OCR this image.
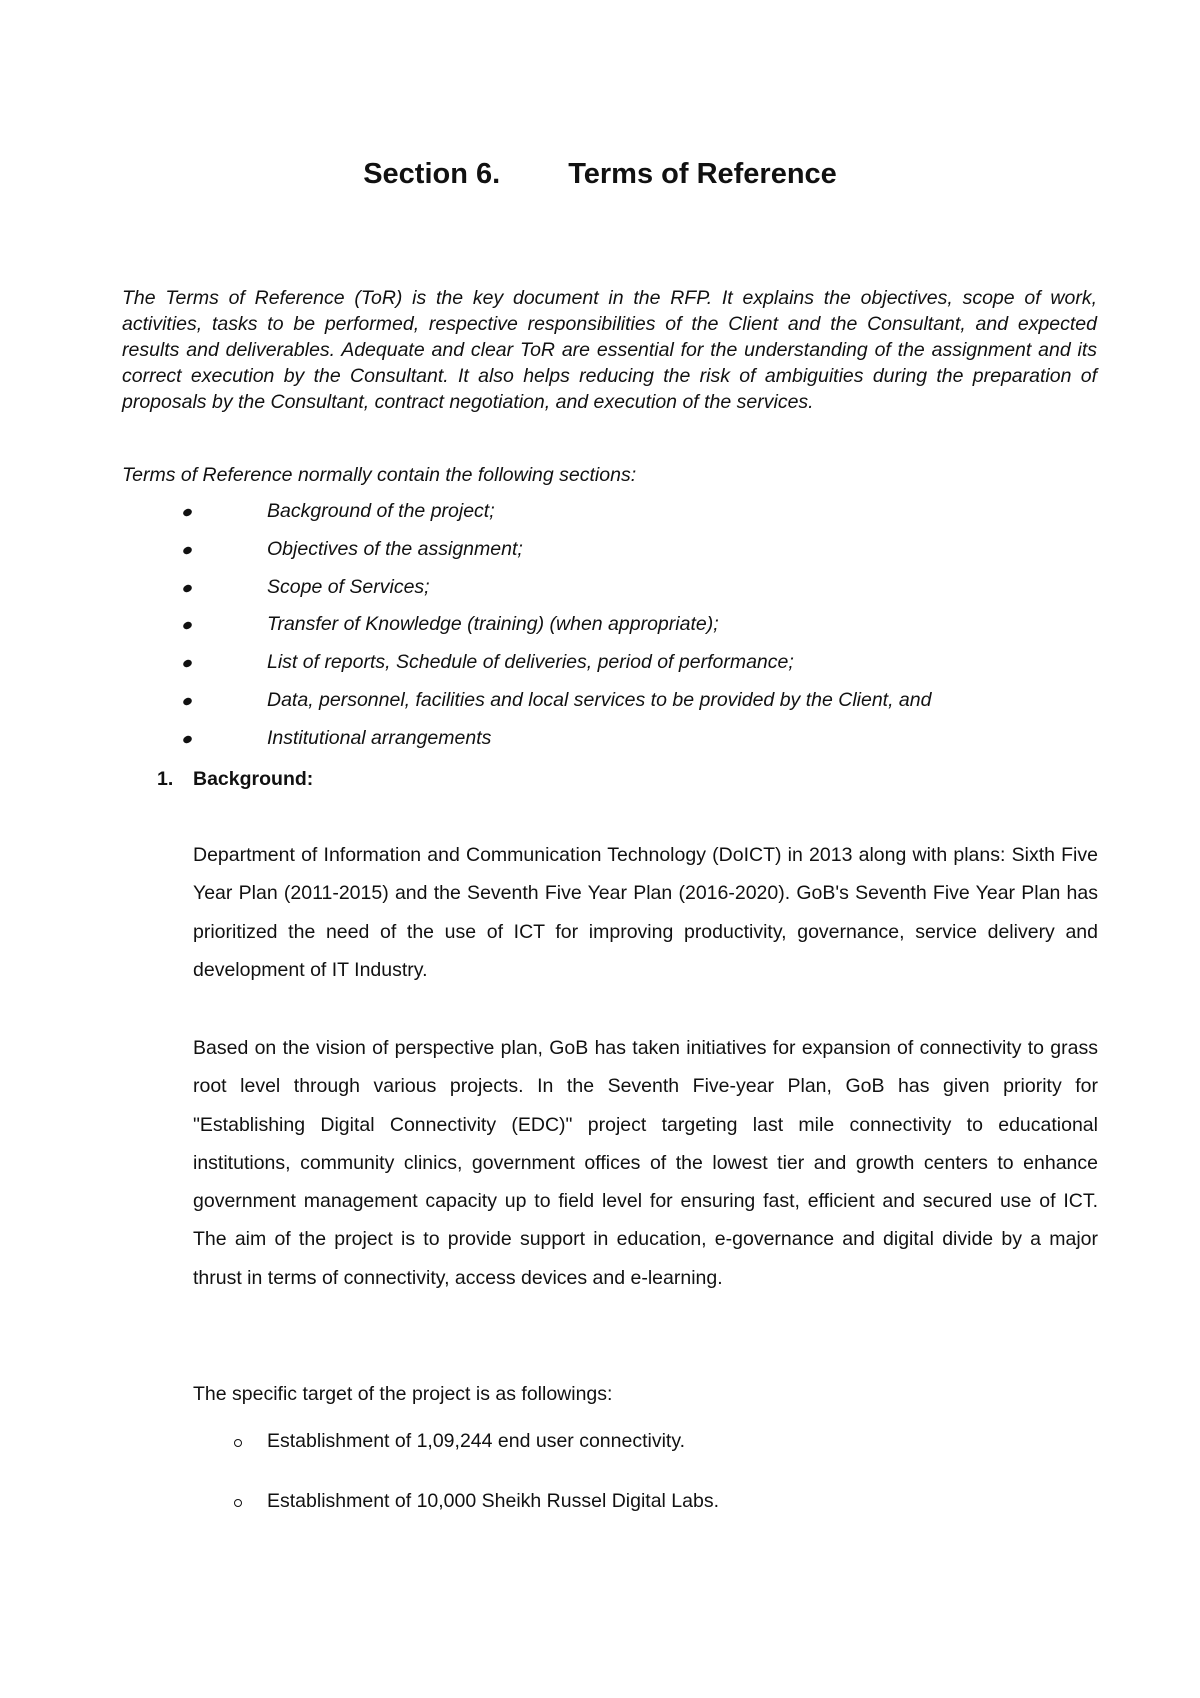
Section 6. Terms of Reference

The Terms of Reference (ToR) is the key document in the RFP. It explains the objectives, scope of work, activities, tasks to be performed, respective responsibilities of the Client and the Consultant, and expected results and deliverables. Adequate and clear ToR are essential for the understanding of the assignment and its correct execution by the Consultant. It also helps reducing the risk of ambiguities during the preparation of proposals by the Consultant, contract negotiation, and execution of the services.

Terms of Reference normally contain the following sections:

Background of the project;
Objectives of the assignment;
Scope of Services;
Transfer of Knowledge (training) (when appropriate);
List of reports, Schedule of deliveries, period of performance;
Data, personnel, facilities and local services to be provided by the Client, and
Institutional arrangements
1. Background:

Department of Information and Communication Technology (DoICT) in 2013 along with plans: Sixth Five Year Plan (2011-2015) and the Seventh Five Year Plan (2016-2020). GoB's Seventh Five Year Plan has prioritized the need of the use of ICT for improving productivity, governance, service delivery and development of IT Industry.

Based on the vision of perspective plan, GoB has taken initiatives for expansion of connectivity to grass root level through various projects. In the Seventh Five-year Plan, GoB has given priority for "Establishing Digital Connectivity (EDC)" project targeting last mile connectivity to educational institutions, community clinics, government offices of the lowest tier and growth centers to enhance government management capacity up to field level for ensuring fast, efficient and secured use of ICT. The aim of the project is to provide support in education, e-governance and digital divide by a major thrust in terms of connectivity, access devices and e-learning.

The specific target of the project is as followings:

Establishment of 1,09,244 end user connectivity.
Establishment of 10,000 Sheikh Russel Digital Labs.
